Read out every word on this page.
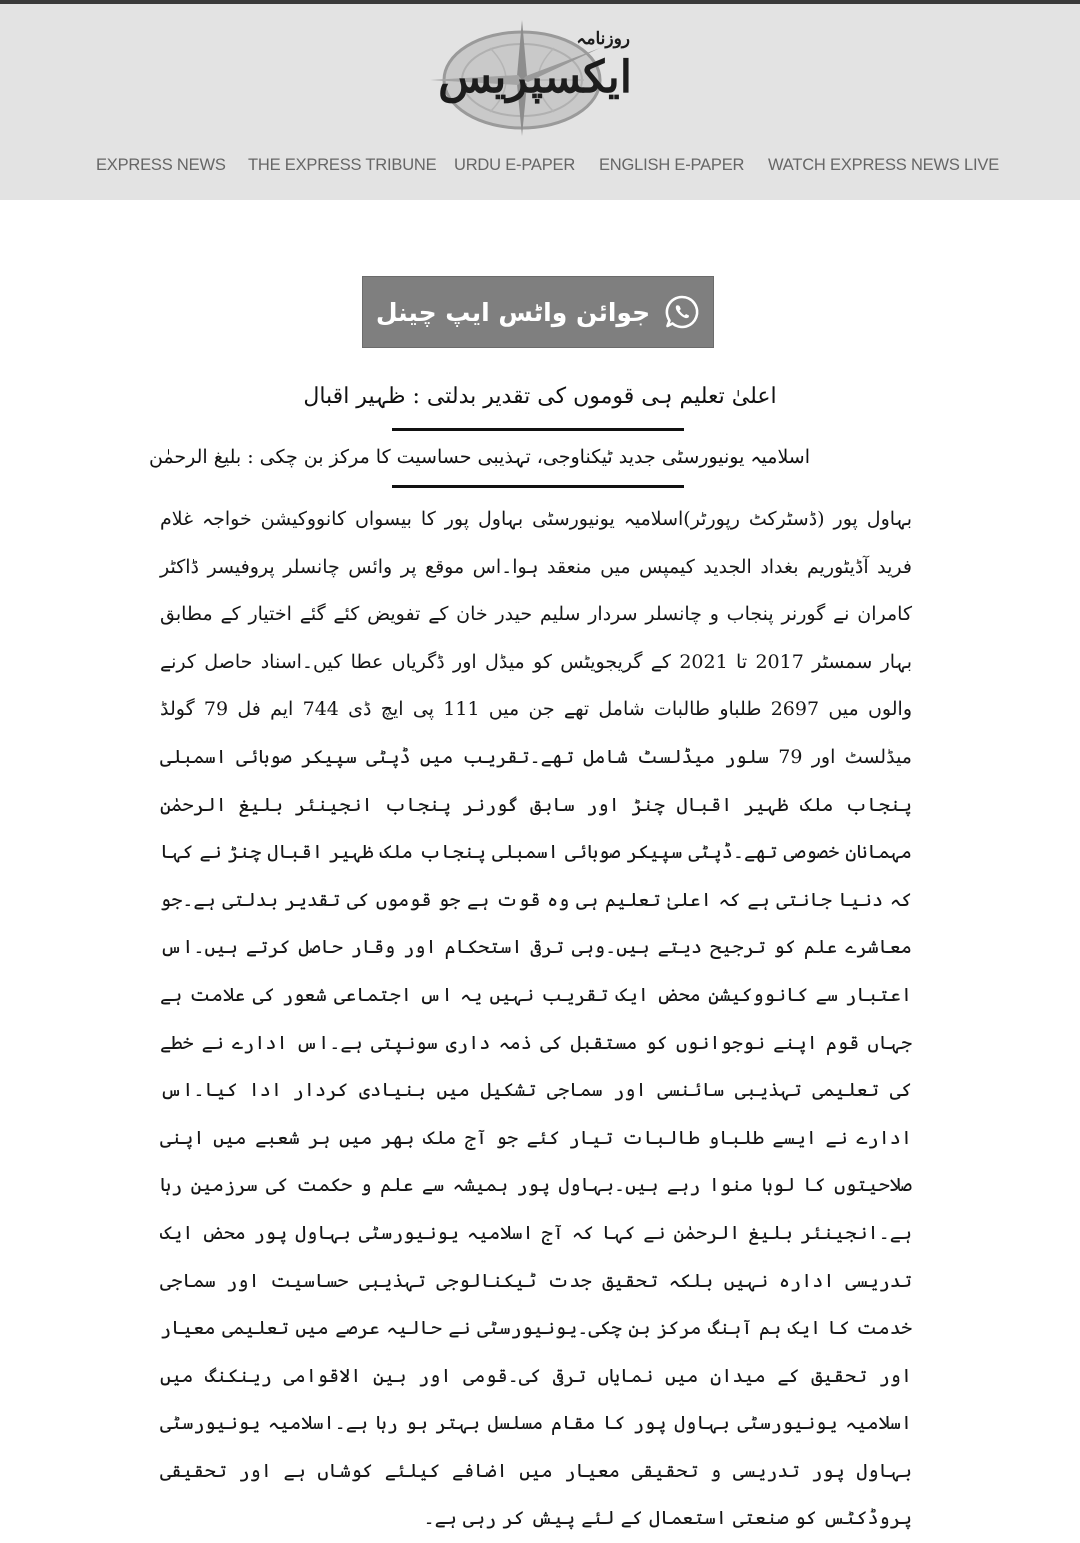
روزنامہ
ایکسپریس
EXPRESS NEWS THE EXPRESS TRIBUNE URDU E-PAPER ENGLISH E-PAPER WATCH EXPRESS NEWS LIVE
جوائن واٹس ایپ چینل
اعلیٰ تعلیم ہی قوموں کی تقدیر بدلتی : ظہیر اقبال
اسلامیہ یونیورسٹی جدید ٹیکناوجی، تہذیبی حساسیت کا مرکز بن چکی : بلیغ الرحمٰن

بہاول پور (ڈسٹرکٹ رپورٹر)اسلامیہ یونیورسٹی بہاول پور کا بیسواں کانووکیشن خواجہ غلام فرید آڈیٹوریم بغداد الجدید کیمپس میں منعقد ہوا۔اس موقع پر وائس چانسلر پروفیسر ڈاکٹر کامران نے گورنر پنجاب و چانسلر سردار سلیم حیدر خان کے تفویض کئے گئے اختیار کے مطابق بہار سمسٹر 2017 تا 2021 کے گریجویٹس کو میڈل اور ڈگریاں عطا کیں۔اسناد حاصل کرنے والوں میں 2697 طلباو طالبات شامل تھے جن میں 111 پی ایچ ڈی 744 ایم فل 79 گولڈ میڈلسٹ اور 79 سلور میڈلسٹ شامل تھے۔تقریب میں ڈپٹی سپیکر صوبائی اسمبلی پنجاب ملک ظہیر اقبال چنڑ اور سابق گورنر پنجاب انجینئر بلیغ الرحمٰن مہمانان خصوصی تھے۔ڈپٹی سپیکر صوبائی اسمبلی پنجاب ملک ظہیر اقبال چنڑ نے کہا کہ دنیا جانتی ہے کہ اعلیٰ تعلیم ہی وہ قوت ہے جو قوموں کی تقدیر بدلتی ہے۔جو معاشرے علم کو ترجیح دیتے ہیں۔وہی ترقی استحکام اور وقار حاصل کرتے ہیں۔اس اعتبار سے کانووکیشن محض ایک تقریب نہیں یہ اس اجتماعی شعور کی علامت ہے جہاں قوم اپنے نوجوانوں کو مستقبل کی ذمہ داری سونپتی ہے۔اس ادارے نے خطے کی تعلیمی تہذیبی سائنسی اور سماجی تشکیل میں بنیادی کردار ادا کیا۔اس ادارے نے ایسے طلباو طالبات تیار کئے جو آج ملک بھر میں ہر شعبے میں اپنی صلاحیتوں کا لوہا منوا رہے ہیں۔بہاول پور ہمیشہ سے علم و حکمت کی سرزمین رہا ہے۔انجینئر بلیغ الرحمٰن نے کہا کہ آج اسلامیہ یونیورسٹی بہاول پور محض ایک تدریسی ادارہ نہیں بلکہ تحقیق جدت ٹیکنالوجی تہذیبی حساسیت اور سماجی خدمت کا ایک ہم آہنگ مرکز بن چکی۔یونیورسٹی نے حالیہ عرصے میں تعلیمی معیار اور تحقیق کے میدان میں نمایاں ترقی کی۔قومی اور بین الاقوامی رینکنگ میں اسلامیہ یونیورسٹی بہاول پور کا مقام مسلسل بہتر ہو رہا ہے۔اسلامیہ یونیورسٹی بہاول پور تدریسی و تحقیقی معیار میں اضافے کیلئے کوشاں ہے اور تحقیقی پروڈکٹس کو صنعتی استعمال کے لئے پیش کر رہی ہے۔
